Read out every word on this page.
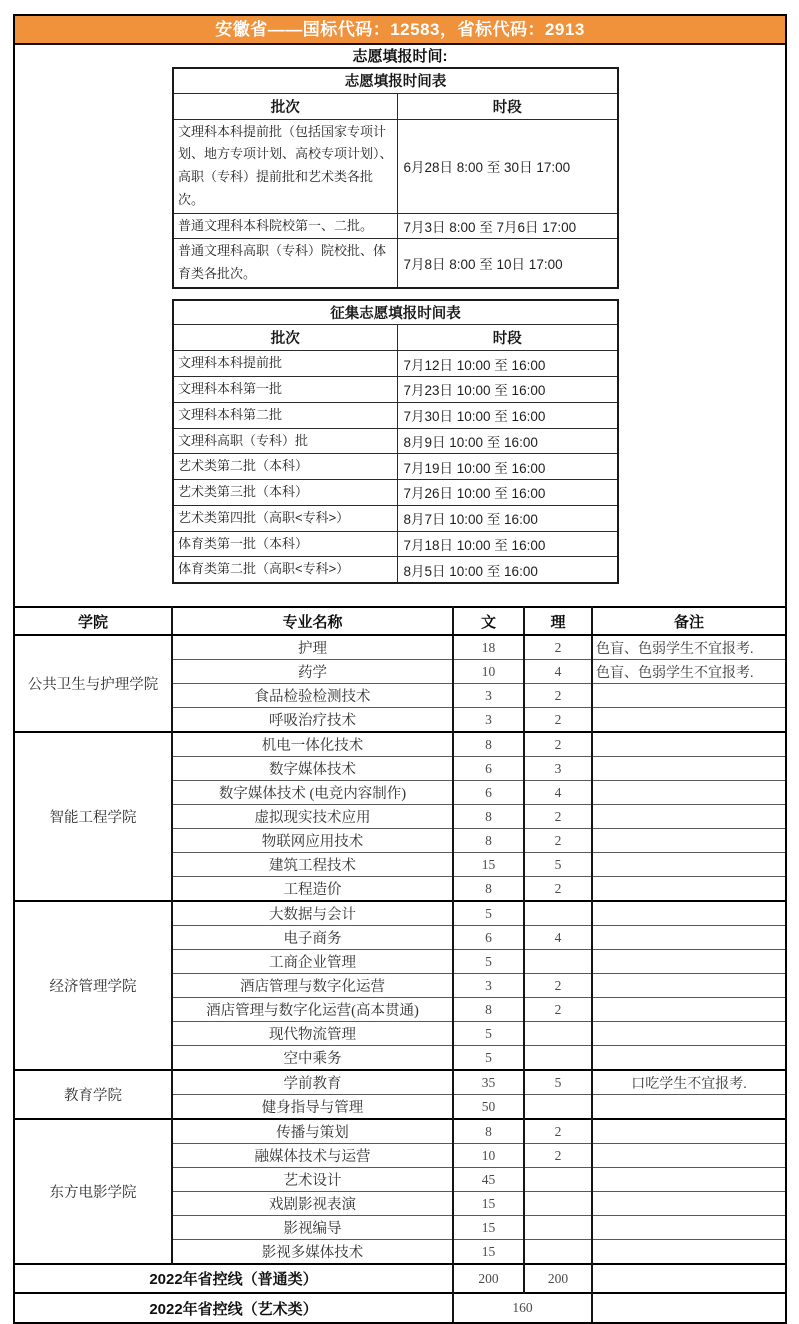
安徽省——国标代码：12583，省标代码：2913
志愿填报时间:
志愿填报时间表	
批次	时段
文理科本科提前批（包括国家专项计划、地方专项计划、高校专项计划）、高职（专科）提前批和艺术类各批次。	6月28日 8:00 至 30日 17:00
普通文理科本科院校第一、二批。	7月3日 8:00 至 7月6日 17:00
普通文理科高职（专科）院校批、体育类各批次。	7月8日 8:00 至 10日 17:00
征集志愿填报时间表	
批次	时段
文理科本科提前批	7月12日 10:00 至 16:00
文理科本科第一批	7月23日 10:00 至 16:00
文理科本科第二批	7月30日 10:00 至 16:00
文理科高职（专科）批	8月9日 10:00 至 16:00
艺术类第二批（本科）	7月19日 10:00 至 16:00
艺术类第三批（本科）	7月26日 10:00 至 16:00
艺术类第四批（高职<专科>）	8月7日 10:00 至 16:00
体育类第一批（本科）	7月18日 10:00 至 16:00
体育类第二批（高职<专科>）	8月5日 10:00 至 16:00
学院	专业名称	文	理	备注
公共卫生与护理学院	护理	18	2	色盲、色弱学生不宜报考.
	药学	10	4	色盲、色弱学生不宜报考.
	食品检验检测技术	3	2	
	呼吸治疗技术	3	2	
智能工程学院	机电一体化技术	8	2	
	数字媒体技术	6	3	
	数字媒体技术 (电竞内容制作)	6	4	
	虚拟现实技术应用	8	2	
	物联网应用技术	8	2	
	建筑工程技术	15	5	
	工程造价	8	2	
经济管理学院	大数据与会计	5		
	电子商务	6	4	
	工商企业管理	5		
	酒店管理与数字化运营	3	2	
	酒店管理与数字化运营(高本贯通)	8	2	
	现代物流管理	5		
	空中乘务	5		
教育学院	学前教育	35	5	口吃学生不宜报考.
	健身指导与管理	50		
东方电影学院	传播与策划	8	2	
	融媒体技术与运营	10	2	
	艺术设计	45		
	戏剧影视表演	15		
	影视编导	15		
	影视多媒体技术	15		
2022年省控线（普通类）		200	200	
2022年省控线（艺术类）		160		
